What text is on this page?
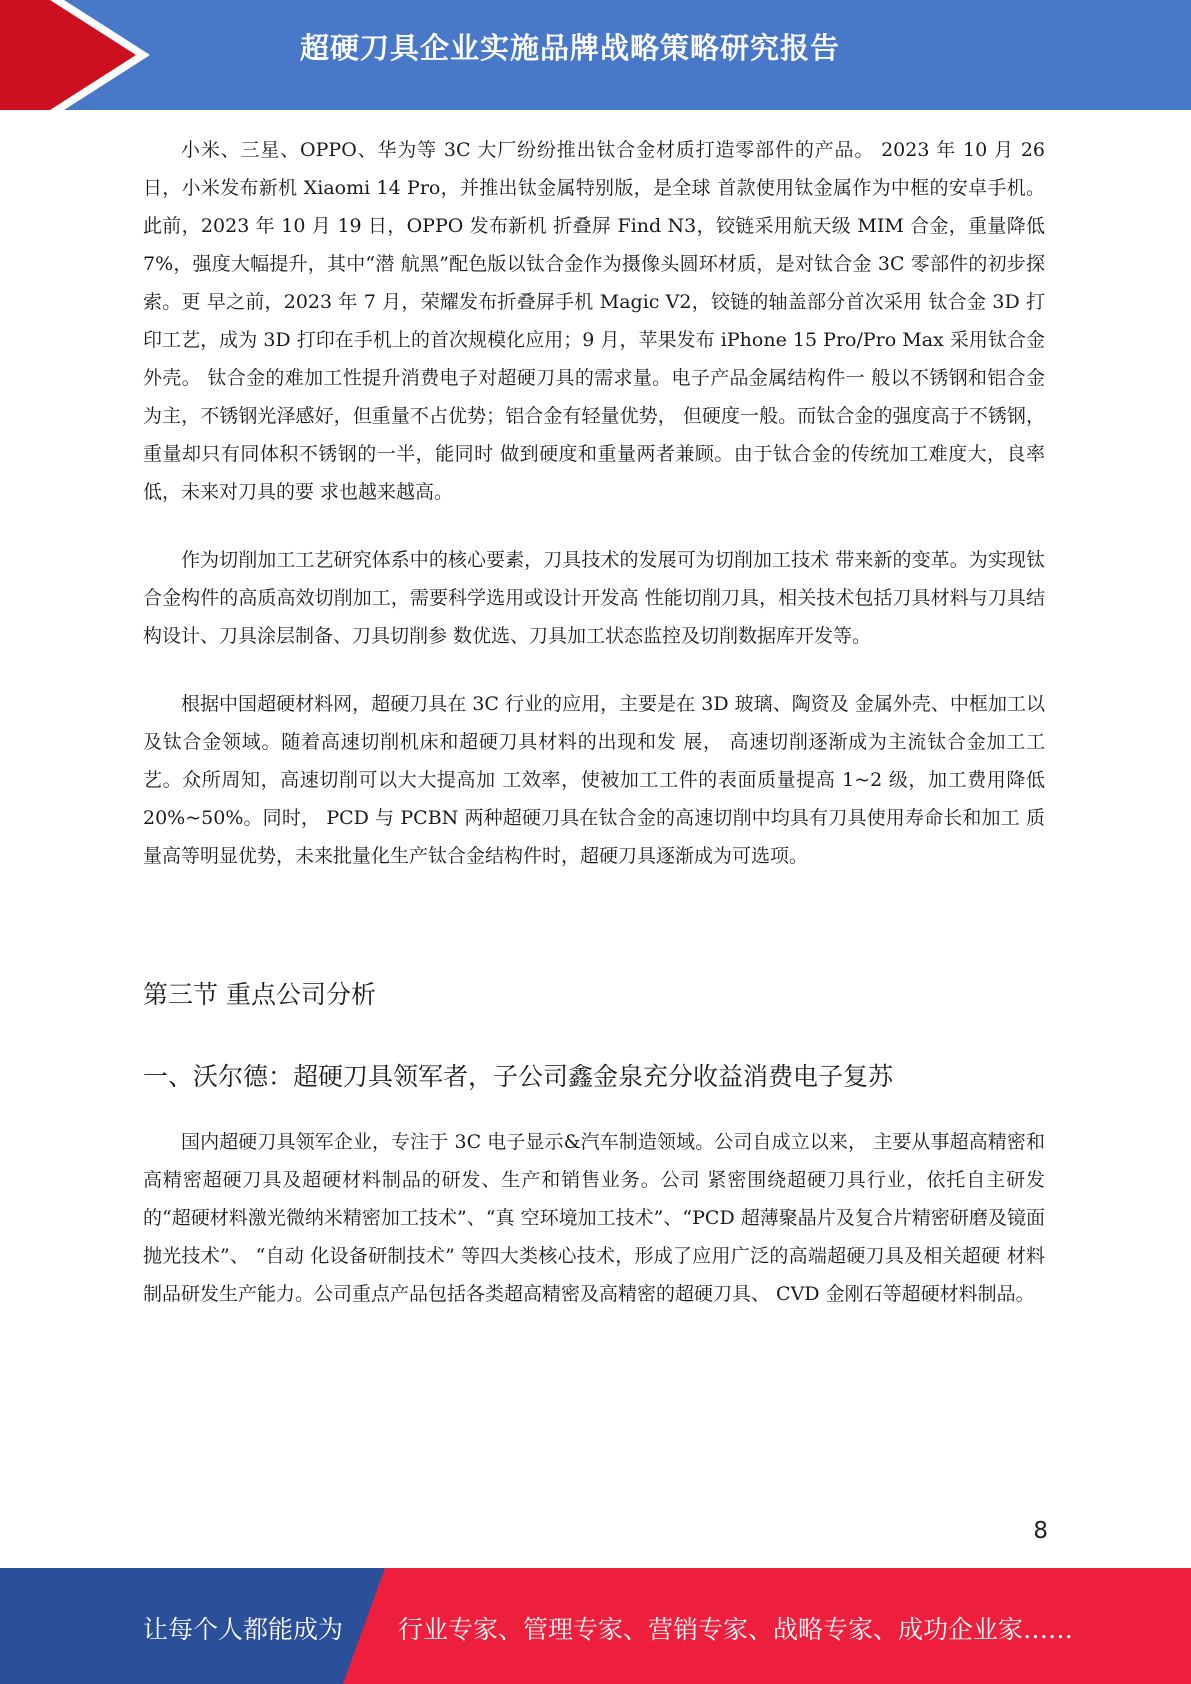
超硬刀具企业实施品牌战略策略研究报告

小米、三星、OPPO、华为等 3C 大厂纷纷推出钛合金材质打造零部件的产品。 2023 年 10 月 26 日，小米发布新机 Xiaomi 14 Pro，并推出钛金属特别版，是全球 首款使用钛金属作为中框的安卓手机。此前，2023 年 10 月 19 日，OPPO 发布新机 折叠屏 Find N3，铰链采用航天级 MIM 合金，重量降低 7%，强度大幅提升，其中“潜 航黑”配色版以钛合金作为摄像头圆环材质，是对钛合金 3C 零部件的初步探索。更 早之前，2023 年 7 月，荣耀发布折叠屏手机 Magic V2，铰链的轴盖部分首次采用 钛合金 3D 打印工艺，成为 3D 打印在手机上的首次规模化应用；9 月，苹果发布 iPhone 15 Pro/Pro Max 采用钛合金外壳。 钛合金的难加工性提升消费电子对超硬刀具的需求量。电子产品金属结构件一 般以不锈钢和铝合金为主，不锈钢光泽感好，但重量不占优势；铝合金有轻量优势， 但硬度一般。而钛合金的强度高于不锈钢，重量却只有同体积不锈钢的一半，能同时 做到硬度和重量两者兼顾。由于钛合金的传统加工难度大，良率低，未来对刀具的要 求也越来越高。

作为切削加工工艺研究体系中的核心要素，刀具技术的发展可为切削加工技术 带来新的变革。为实现钛合金构件的高质高效切削加工，需要科学选用或设计开发高 性能切削刀具，相关技术包括刀具材料与刀具结构设计、刀具涂层制备、刀具切削参 数优选、刀具加工状态监控及切削数据库开发等。

根据中国超硬材料网，超硬刀具在 3C 行业的应用，主要是在 3D 玻璃、陶资及 金属外壳、中框加工以及钛合金领域。随着高速切削机床和超硬刀具材料的出现和发 展， 高速切削逐渐成为主流钛合金加工工艺。众所周知，高速切削可以大大提高加 工效率，使被加工工件的表面质量提高 1~2 级，加工费用降低 20%~50%。同时， PCD 与 PCBN 两种超硬刀具在钛合金的高速切削中均具有刀具使用寿命长和加工 质量高等明显优势，未来批量化生产钛合金结构件时，超硬刀具逐渐成为可选项。

第三节 重点公司分析
一、沃尔德：超硬刀具领军者，子公司鑫金泉充分收益消费电子复苏

国内超硬刀具领军企业，专注于 3C 电子显示&汽车制造领域。公司自成立以来， 主要从事超高精密和高精密超硬刀具及超硬材料制品的研发、生产和销售业务。公司 紧密围绕超硬刀具行业，依托自主研发的“超硬材料激光微纳米精密加工技术”、“真 空环境加工技术”、“PCD 超薄聚晶片及复合片精密研磨及镜面抛光技术”、 “自动 化设备研制技术” 等四大类核心技术，形成了应用广泛的高端超硬刀具及相关超硬 材料制品研发生产能力。公司重点产品包括各类超高精密及高精密的超硬刀具、 CVD 金刚石等超硬材料制品。

8
让每个人都能成为 行业专家、管理专家、营销专家、战略专家、成功企业家……
